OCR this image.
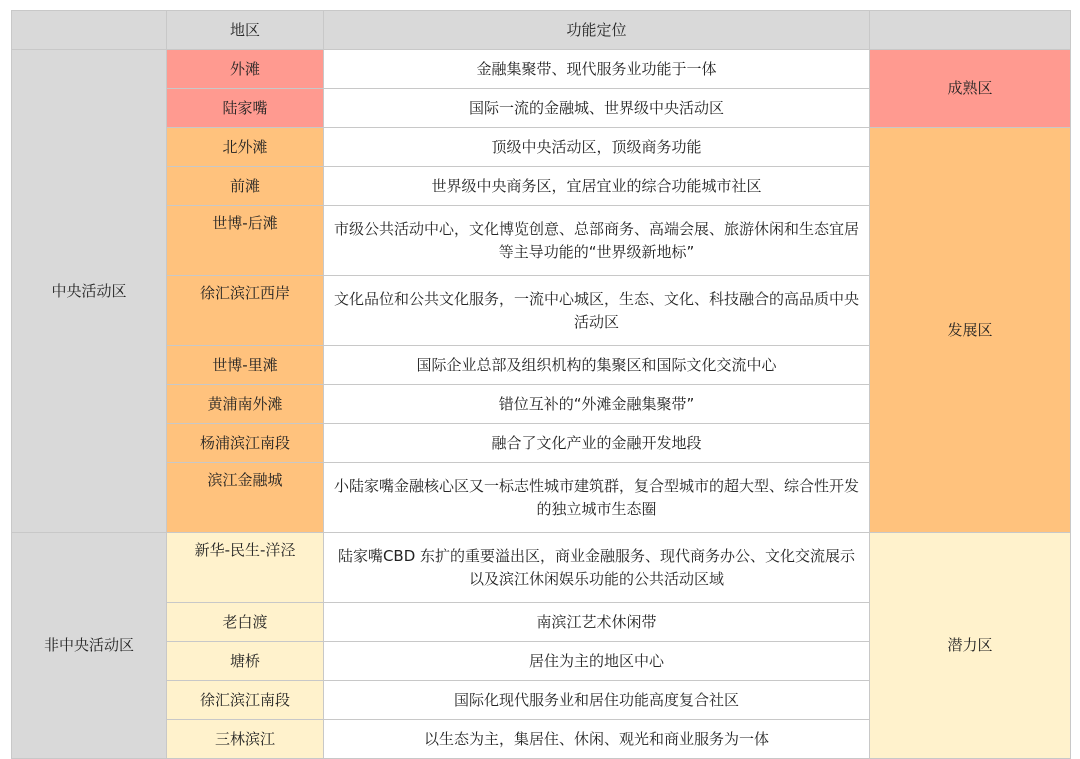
	地区	功能定位	
中央活动区	外滩	金融集聚带、现代服务业功能于一体	成熟区
	陆家嘴	国际一流的金融城、世界级中央活动区	
	北外滩	顶级中央活动区，顶级商务功能	发展区
	前滩	世界级中央商务区，宜居宜业的综合功能城市社区	
	世博-后滩	市级公共活动中心，文化博览创意、总部商务、高端会展、旅游休闲和生态宜居等主导功能的“世界级新地标”	
	徐汇滨江西岸	文化品位和公共文化服务，一流中心城区，生态、文化、科技融合的高品质中央活动区	
	世博-里滩	国际企业总部及组织机构的集聚区和国际文化交流中心	
	黄浦南外滩	错位互补的“外滩金融集聚带”	
	杨浦滨江南段	融合了文化产业的金融开发地段	
	滨江金融城	小陆家嘴金融核心区又一标志性城市建筑群，复合型城市的超大型、综合性开发的独立城市生态圈	
非中央活动区	新华-民生-洋泾	陆家嘴CBD 东扩的重要溢出区，商业金融服务、现代商务办公、文化交流展示以及滨江休闲娱乐功能的公共活动区域	潜力区
	老白渡	南滨江艺术休闲带	
	塘桥	居住为主的地区中心	
	徐汇滨江南段	国际化现代服务业和居住功能高度复合社区	
	三林滨江	以生态为主，集居住、休闲、观光和商业服务为一体	
